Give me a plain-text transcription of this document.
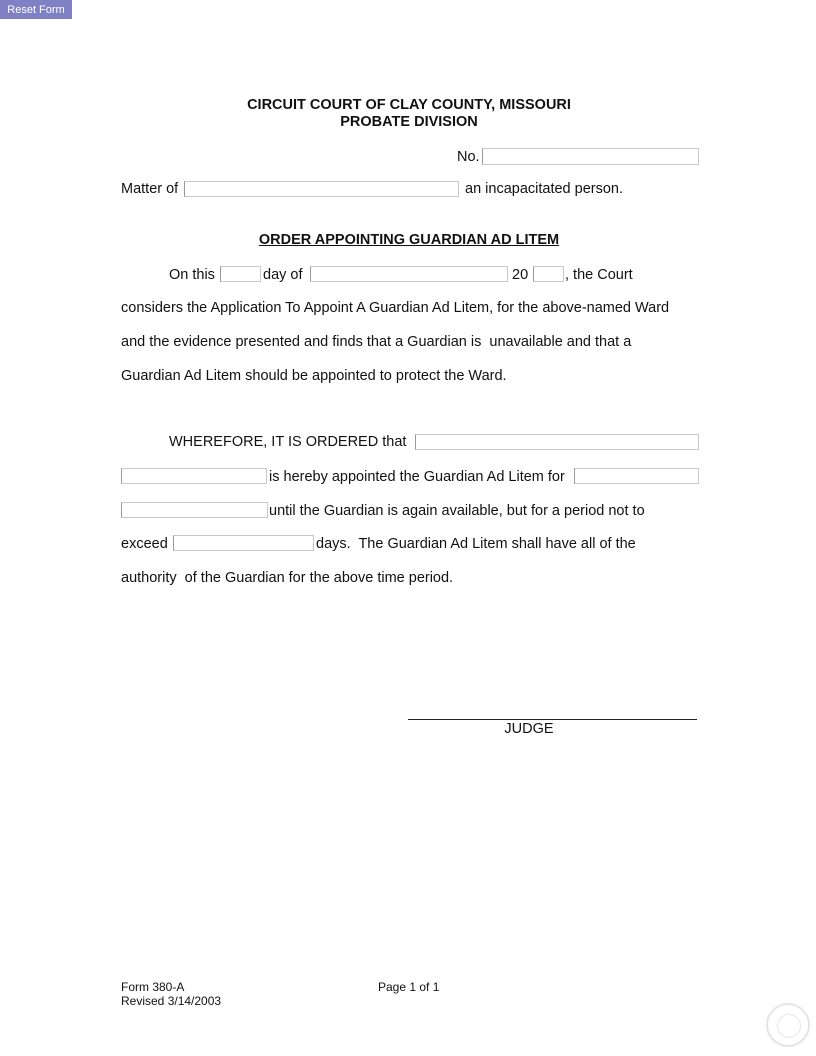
Reset Form
CIRCUIT COURT OF CLAY COUNTY, MISSOURI
PROBATE DIVISION
No.
Matter of	an incapacitated person.
ORDER APPOINTING GUARDIAN AD LITEM
On this	day of	20	, the Court
considers the Application To Appoint A Guardian Ad Litem, for the above-named Ward
and the evidence presented and finds that a Guardian is  unavailable and that a
Guardian Ad Litem should be appointed to protect the Ward.
WHEREFORE, IT IS ORDERED that
is hereby appointed the Guardian Ad Litem for
until the Guardian is again available, but for a period not to
exceed	days.  The Guardian Ad Litem shall have all of the
authority  of the Guardian for the above time period.
JUDGE
Form 380-A
Revised 3/14/2003
Page 1 of 1
